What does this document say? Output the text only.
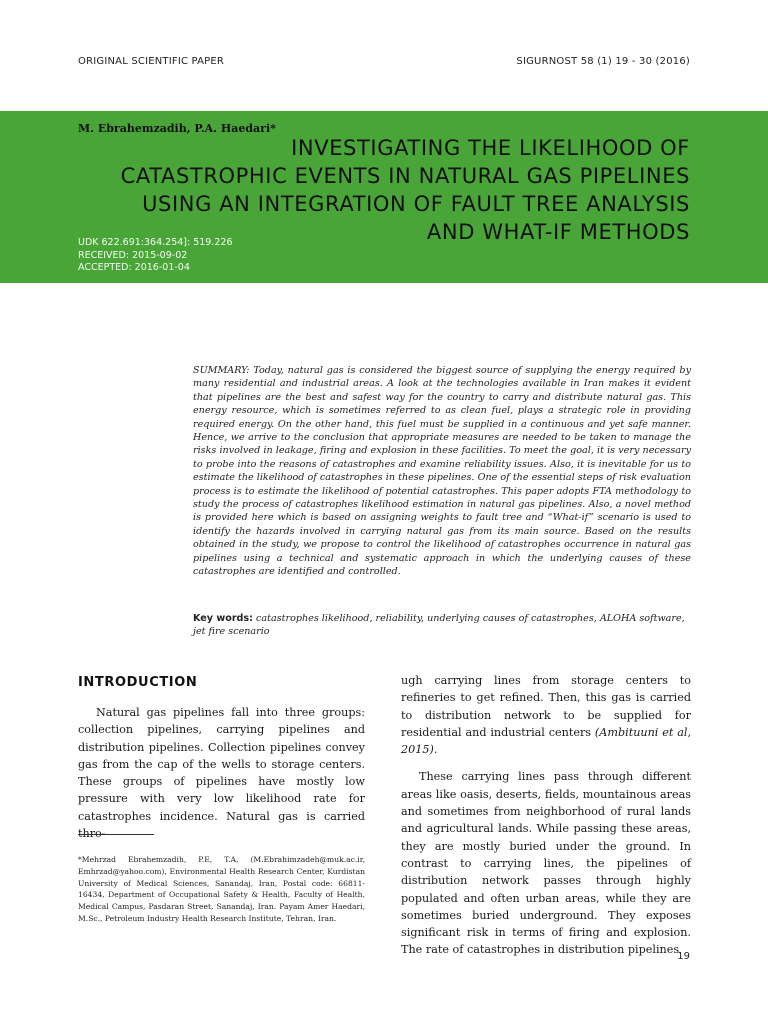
ORIGINAL SCIENTIFIC PAPER	SIGURNOST 58 (1) 19 - 30 (2016)
M. Ebrahemzadih, P.A. Haedari*
INVESTIGATING THE LIKELIHOOD OF
CATASTROPHIC EVENTS IN NATURAL GAS PIPELINES
USING AN INTEGRATION OF FAULT TREE ANALYSIS
AND WHAT-IF METHODS
UDK 622.691:364.254]: 519.226
RECEIVED: 2015-09-02
ACCEPTED: 2016-01-04
SUMMARY: Today, natural gas is considered the biggest source of supplying the energy required by many residential and industrial areas. A look at the technologies available in Iran makes it evident that pipelines are the best and safest way for the country to carry and distribute natural gas. This energy resource, which is sometimes referred to as clean fuel, plays a strategic role in providing required energy. On the other hand, this fuel must be supplied in a continuous and yet safe manner. Hence, we arrive to the conclusion that appropriate measures are needed to be taken to manage the risks involved in leakage, firing and explosion in these facilities. To meet the goal, it is very necessary to probe into the reasons of catastrophes and examine reliability issues. Also, it is inevitable for us to estimate the likelihood of catastrophes in these pipelines. One of the essential steps of risk evaluation process is to estimate the likelihood of potential catastrophes. This paper adopts FTA methodology to study the process of catastrophes likelihood estimation in natural gas pipelines. Also, a novel method is provided here which is based on assigning weights to fault tree and “What-if” scenario is used to identify the hazards involved in carrying natural gas from its main source. Based on the results obtained in the study, we propose to control the likelihood of catastrophes occurrence in natural gas pipelines using a technical and systematic approach in which the underlying causes of these catastrophes are identified and controlled.
Key words: catastrophes likelihood, reliability, underlying causes of catastrophes, ALOHA software, jet fire scenario
INTRODUCTION

Natural gas pipelines fall into three groups: collection pipelines, carrying pipelines and distribution pipelines. Collection pipelines convey gas from the cap of the wells to storage centers. These groups of pipelines have mostly low pressure with very low likelihood rate for catastrophes incidence. Natural gas is carried thro-

ugh carrying lines from storage centers to refineries to get refined. Then, this gas is carried to distribution network to be supplied for residential and industrial centers (Ambituuni et al, 2015).

These carrying lines pass through different areas like oasis, deserts, fields, mountainous areas and sometimes from neighborhood of rural lands and agricultural lands. While passing these areas, they are mostly buried under the ground. In contrast to carrying lines, the pipelines of distribution network passes through highly populated and often urban areas, while they are sometimes buried underground. They exposes significant risk in terms of firing and explosion. The rate of catastrophes in distribution pipelines

*Mehrzad Ebrahemzadih, P.E, T.A, (M.Ebrahimzadeh@muk.ac.ir, Emhrzad@yahoo.com), Environmental Health Research Center, Kurdistan University of Medical Sciences, Sanandaj, Iran, Postal code: 66811-16434, Department of Occupational Safety & Health, Faculty of Health, Medical Campus, Pasdaran Street, Sanandaj, Iran. Payam Amer Haedari, M.Sc., Petroleum Industry Health Research Institute, Tehran, Iran.
19
